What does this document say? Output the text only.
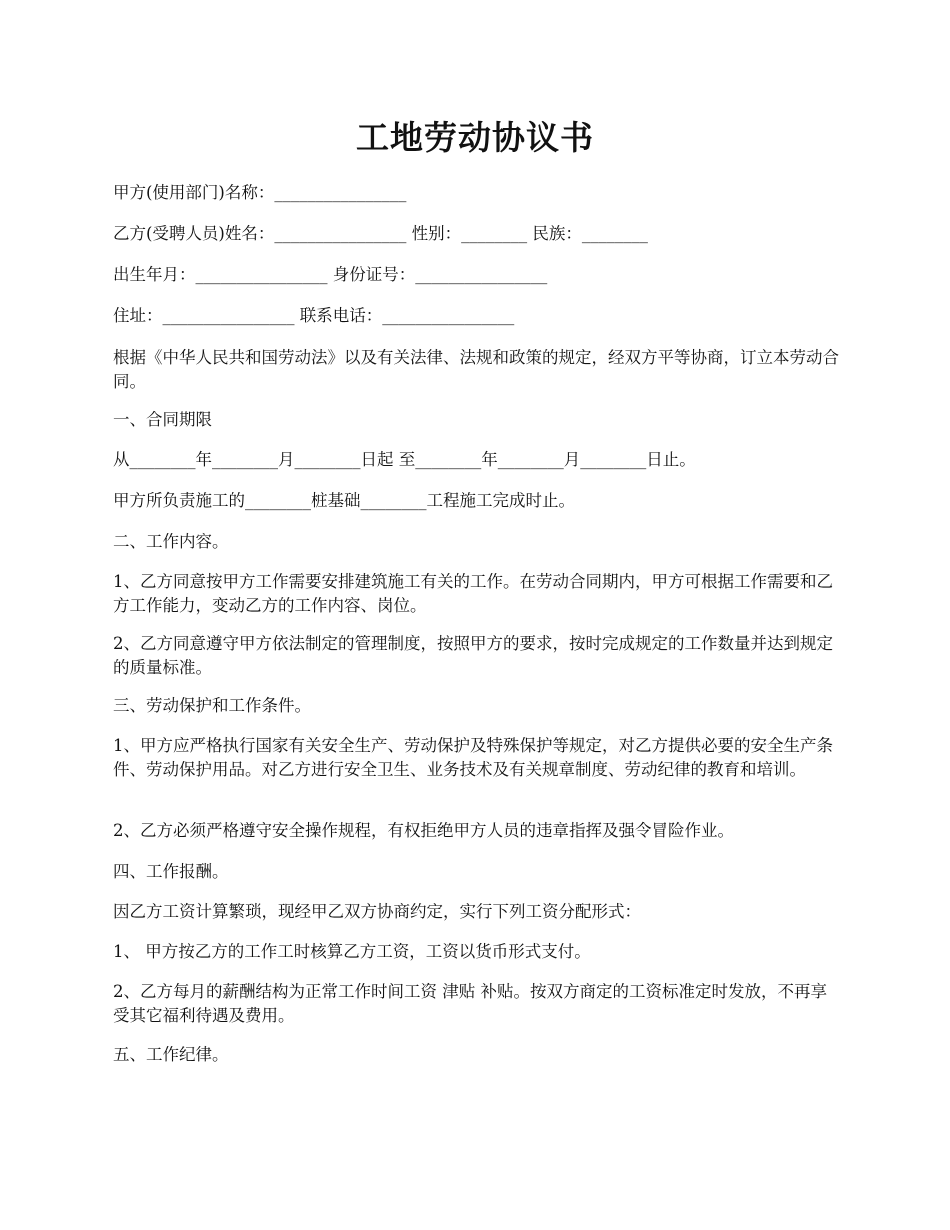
工地劳动协议书
甲方(使用部门)名称：________________
乙方(受聘人员)姓名：________________ 性别：________ 民族：________
出生年月：________________ 身份证号：________________
住址：________________ 联系电话：________________
根据《中华人民共和国劳动法》以及有关法律、法规和政策的规定，经双方平等协商，订立本劳动合同。
一、合同期限
从________年________月________日起 至________年________月________日止。
甲方所负责施工的________桩基础________工程施工完成时止。
二、工作内容。
1、乙方同意按甲方工作需要安排建筑施工有关的工作。在劳动合同期内，甲方可根据工作需要和乙方工作能力，变动乙方的工作内容、岗位。
2、乙方同意遵守甲方依法制定的管理制度，按照甲方的要求，按时完成规定的工作数量并达到规定的质量标准。
三、劳动保护和工作条件。
1、甲方应严格执行国家有关安全生产、劳动保护及特殊保护等规定，对乙方提供必要的安全生产条件、劳动保护用品。对乙方进行安全卫生、业务技术及有关规章制度、劳动纪律的教育和培训。
2、乙方必须严格遵守安全操作规程，有权拒绝甲方人员的违章指挥及强令冒险作业。
四、工作报酬。
因乙方工资计算繁琐，现经甲乙双方协商约定，实行下列工资分配形式：
1、 甲方按乙方的工作工时核算乙方工资，工资以货币形式支付。
2、乙方每月的薪酬结构为正常工作时间工资 津贴 补贴。按双方商定的工资标准定时发放，不再享受其它福利待遇及费用。
五、工作纪律。
